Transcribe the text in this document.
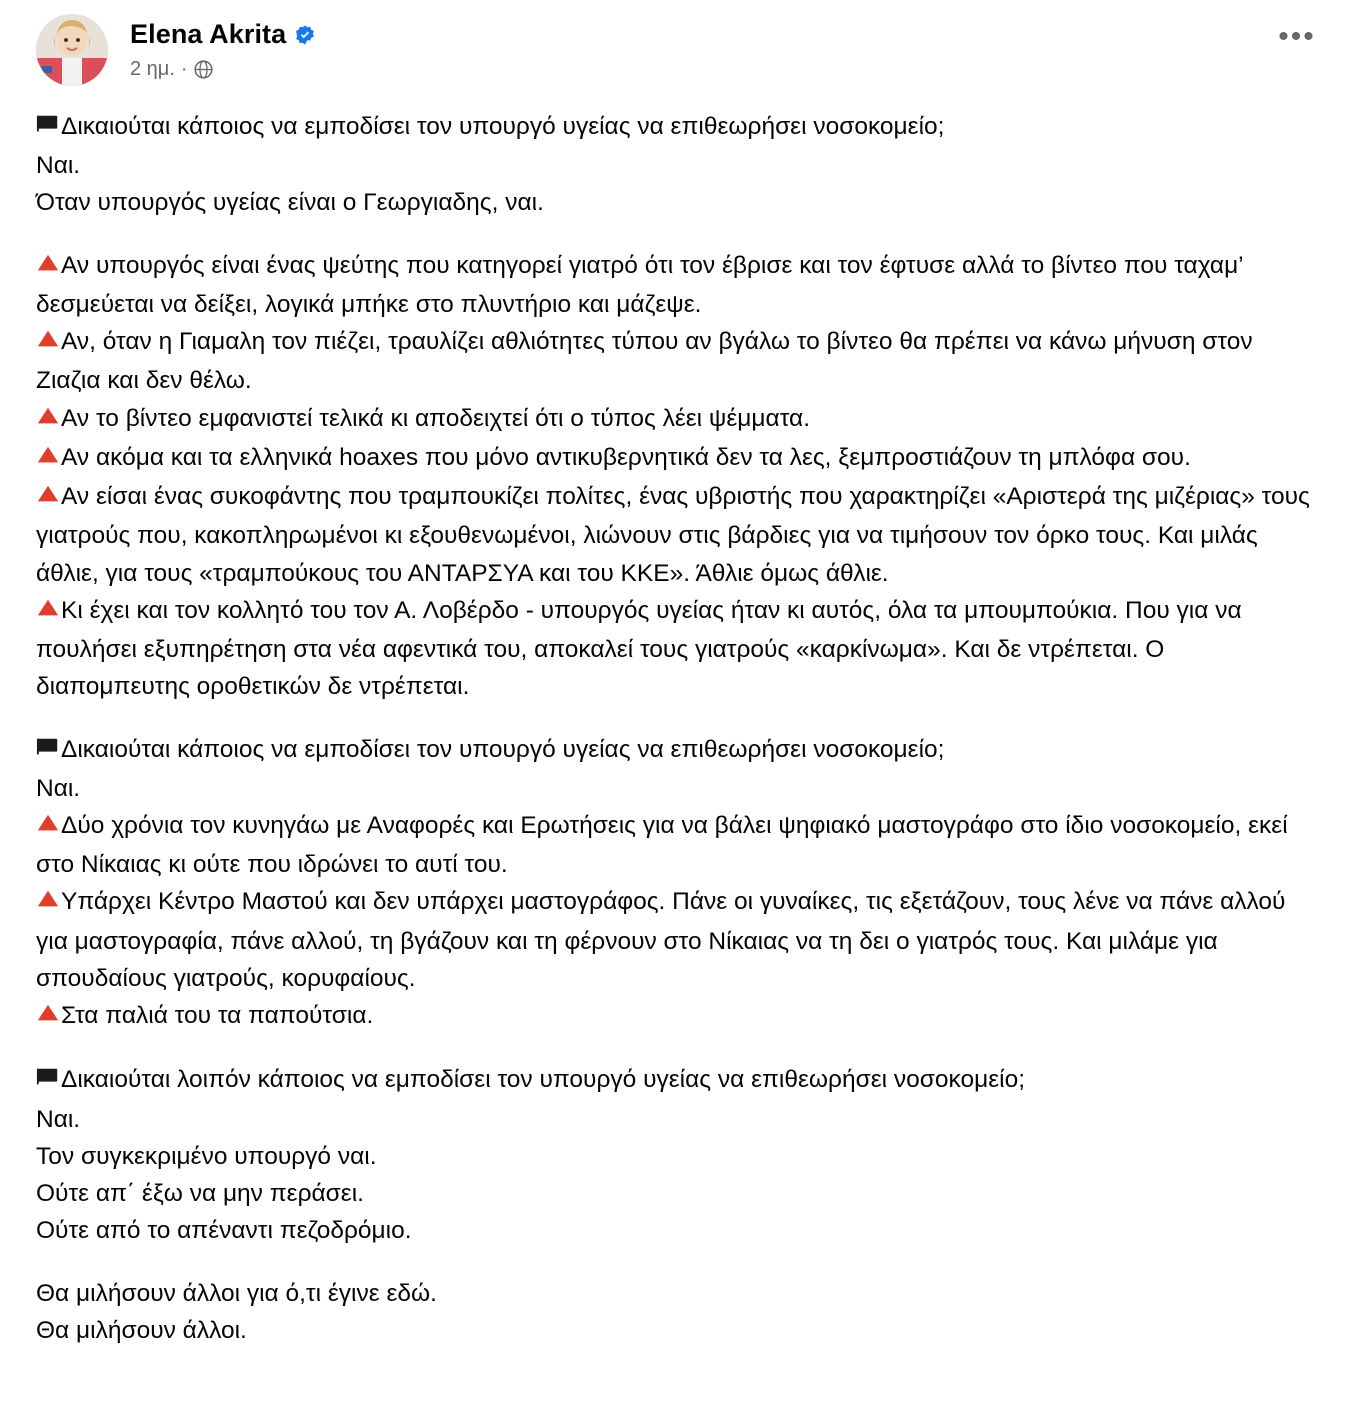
Elena Akrita
2 ημ. ·
•••
Δικαιούται κάποιος να εμποδίσει τον υπουργό υγείας να επιθεωρήσει νοσοκομείο;
Ναι.
Όταν υπουργός υγείας είναι ο Γεωργιαδης, ναι.
Αν υπουργός είναι ένας ψεύτης που κατηγορεί γιατρό ότι τον έβρισε και τον έφτυσε αλλά το βίντεο που ταχαμ’ δεσμεύεται να δείξει, λογικά μπήκε στο πλυντήριο και μάζεψε.
Αν, όταν η Γιαμαλη τον πιέζει, τραυλίζει αθλιότητες τύπου αν βγάλω το βίντεο θα πρέπει να κάνω μήνυση στον Ζιαζια και δεν θέλω.
Αν το βίντεο εμφανιστεί τελικά κι αποδειχτεί ότι ο τύπος λέει ψέμματα.
Αν ακόμα και τα ελληνικά hoaxes που μόνο αντικυβερνητικά δεν τα λες, ξεμπροστιάζουν τη μπλόφα σου.
Αν είσαι ένας συκοφάντης που τραμπουκίζει πολίτες, ένας υβριστής που χαρακτηρίζει «Αριστερά της μιζέριας» τους γιατρούς που, κακοπληρωμένοι κι εξουθενωμένοι, λιώνουν στις βάρδιες για να τιμήσουν τον όρκο τους. Και μιλάς άθλιε, για τους «τραμπούκους του ΑΝΤΑΡΣΥΑ και του ΚΚΕ». Άθλιε όμως άθλιε.
Κι έχει και τον κολλητό του τον Α. Λοβέρδο - υπουργός υγείας ήταν κι αυτός, όλα τα μπουμπούκια. Που για να πουλήσει εξυπηρέτηση στα νέα αφεντικά του, αποκαλεί τους γιατρούς «καρκίνωμα». Και δε ντρέπεται. Ο διαπομπευτης οροθετικών δε ντρέπεται.
Δικαιούται κάποιος να εμποδίσει τον υπουργό υγείας να επιθεωρήσει νοσοκομείο;
Ναι.
Δύο χρόνια τον κυνηγάω με Αναφορές και Ερωτήσεις για να βάλει ψηφιακό μαστογράφο στο ίδιο νοσοκομείο, εκεί στο Νίκαιας κι ούτε που ιδρώνει το αυτί του.
Υπάρχει Κέντρο Μαστού και δεν υπάρχει μαστογράφος. Πάνε οι γυναίκες, τις εξετάζουν, τους λένε να πάνε αλλού για μαστογραφία, πάνε αλλού, τη βγάζουν και τη φέρνουν στο Νίκαιας να τη δει ο γιατρός τους. Και μιλάμε για σπουδαίους γιατρούς, κορυφαίους.
Στα παλιά του τα παπούτσια.
Δικαιούται λοιπόν κάποιος να εμποδίσει τον υπουργό υγείας να επιθεωρήσει νοσοκομείο;
Ναι.
Τον συγκεκριμένο υπουργό ναι.
Ούτε απ΄ έξω να μην περάσει.
Ούτε από το απέναντι πεζοδρόμιο.
Θα μιλήσουν άλλοι για ό,τι έγινε εδώ.
Θα μιλήσουν άλλοι.
